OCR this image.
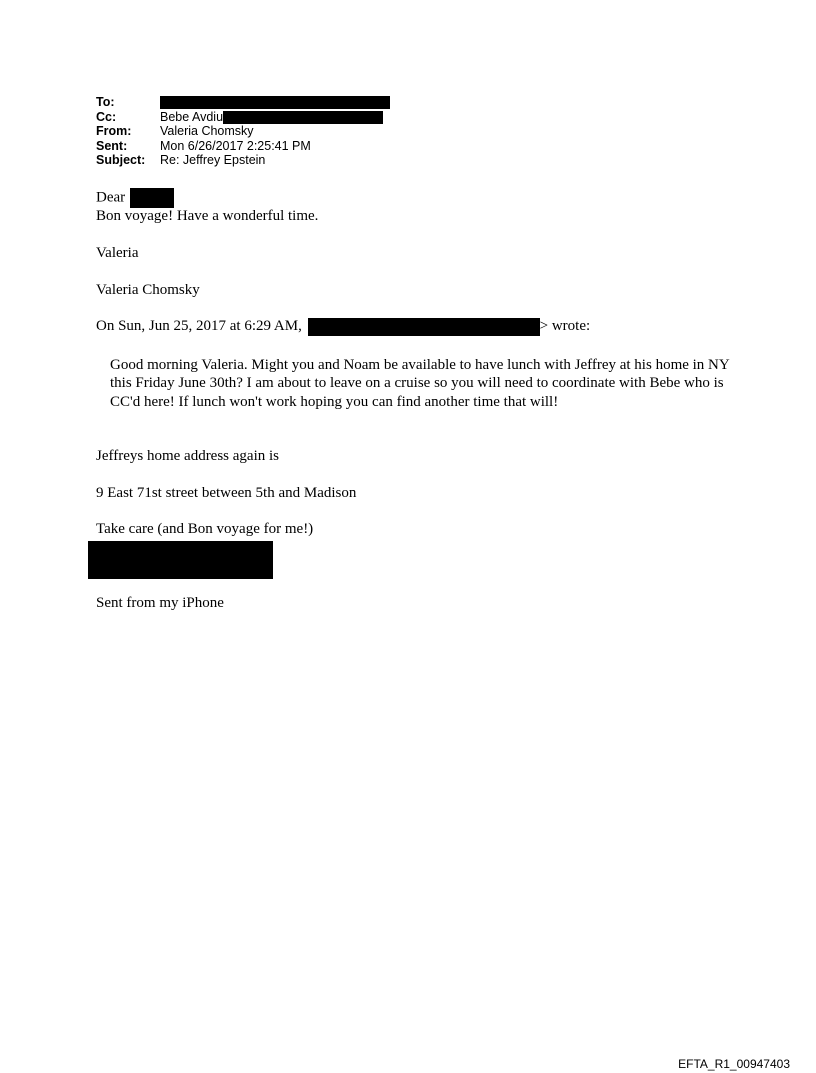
To:
Cc:	Bebe Avdiu
From:	Valeria Chomsky
Sent:	Mon 6/26/2017 2:25:41 PM
Subject:	Re: Jeffrey Epstein
Dear
Bon voyage! Have a wonderful time.
Valeria
Valeria Chomsky
On Sun, Jun 25, 2017 at 6:29 AM,	> wrote:

Good morning Valeria. Might you and Noam be available to have lunch with Jeffrey at his home in NY this Friday June 30th? I am about to leave on a cruise so you will need to coordinate with Bebe who is CC'd here! If lunch won't work hoping you can find another time that will!

Jeffreys home address again is
9 East 71st street between 5th and Madison
Take care (and Bon voyage for me!)
Sent from my iPhone
EFTA_R1_00947403
